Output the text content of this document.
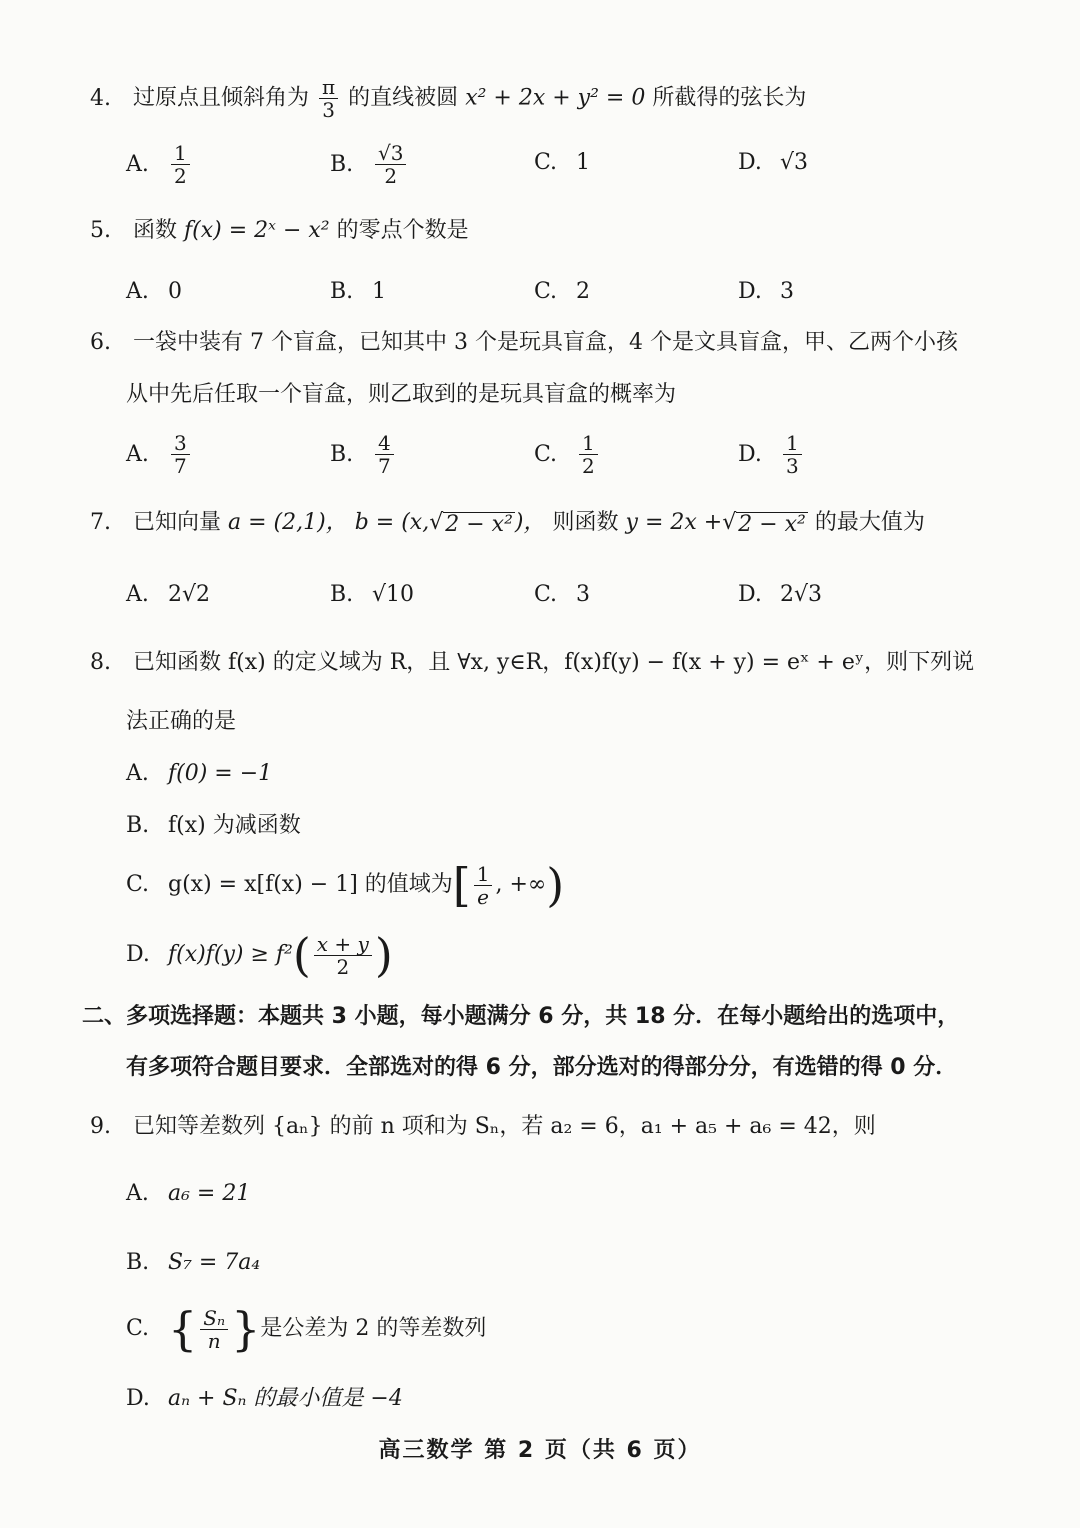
4. 过原点且倾斜角为 $\frac{\pi}{3}$ 的直线被圆 x² + 2x + y² = 0 所截得的弦长为
A.	$\frac{1}{2}$	B.	$\frac{√3}{2}$	C. 1	D. √3
5. 函数 f(x) = 2ˣ − x² 的零点个数是
A. 0	B. 1	C. 2	D. 3
6. 一袋中装有 7 个盲盒，已知其中 3 个是玩具盲盒，4 个是文具盲盒，甲、乙两个小孩
从中先后任取一个盲盒，则乙取到的是玩具盲盒的概率为
A.	$\frac{3}{7}$	B.	$\frac{4}{7}$	C.	$\frac{1}{2}$	D.	$\frac{1}{3}$
7. 已知向量 a = (2,1)， b = (x, √ 2 − x² )， 则函数 y = 2x + √ 2 − x² 的最大值为
A. 2√2	B. √10	C. 3	D. 2√3
8. 已知函数 f(x) 的定义域为 R，且 ∀x, y∈R，f(x)f(y) − f(x + y) = eˣ + eʸ，则下列说
法正确的是
A. f(0) = −1
B. f(x) 为减函数
C. g(x) = x[f(x) − 1] 的值域为 [ $\frac{1}{e}$ , +∞ )
D. f(x)f(y) ≥ f² ( $\frac{x + y}{2}$ )
二、多项选择题：本题共 3 小题，每小题满分 6 分，共 18 分．在每小题给出的选项中，
有多项符合题目要求．全部选对的得 6 分，部分选对的得部分分，有选错的得 0 分．
9. 已知等差数列 {aₙ} 的前 n 项和为 Sₙ，若 a₂ = 6，a₁ + a₅ + a₆ = 42，则
A. a₆ = 21
B. S₇ = 7a₄
C. { $\frac{\text{Sₙ}}{n}$ } 是公差为 2 的等差数列
D. aₙ + Sₙ 的最小值是 −4
高三数学 第 2 页（共 6 页）
